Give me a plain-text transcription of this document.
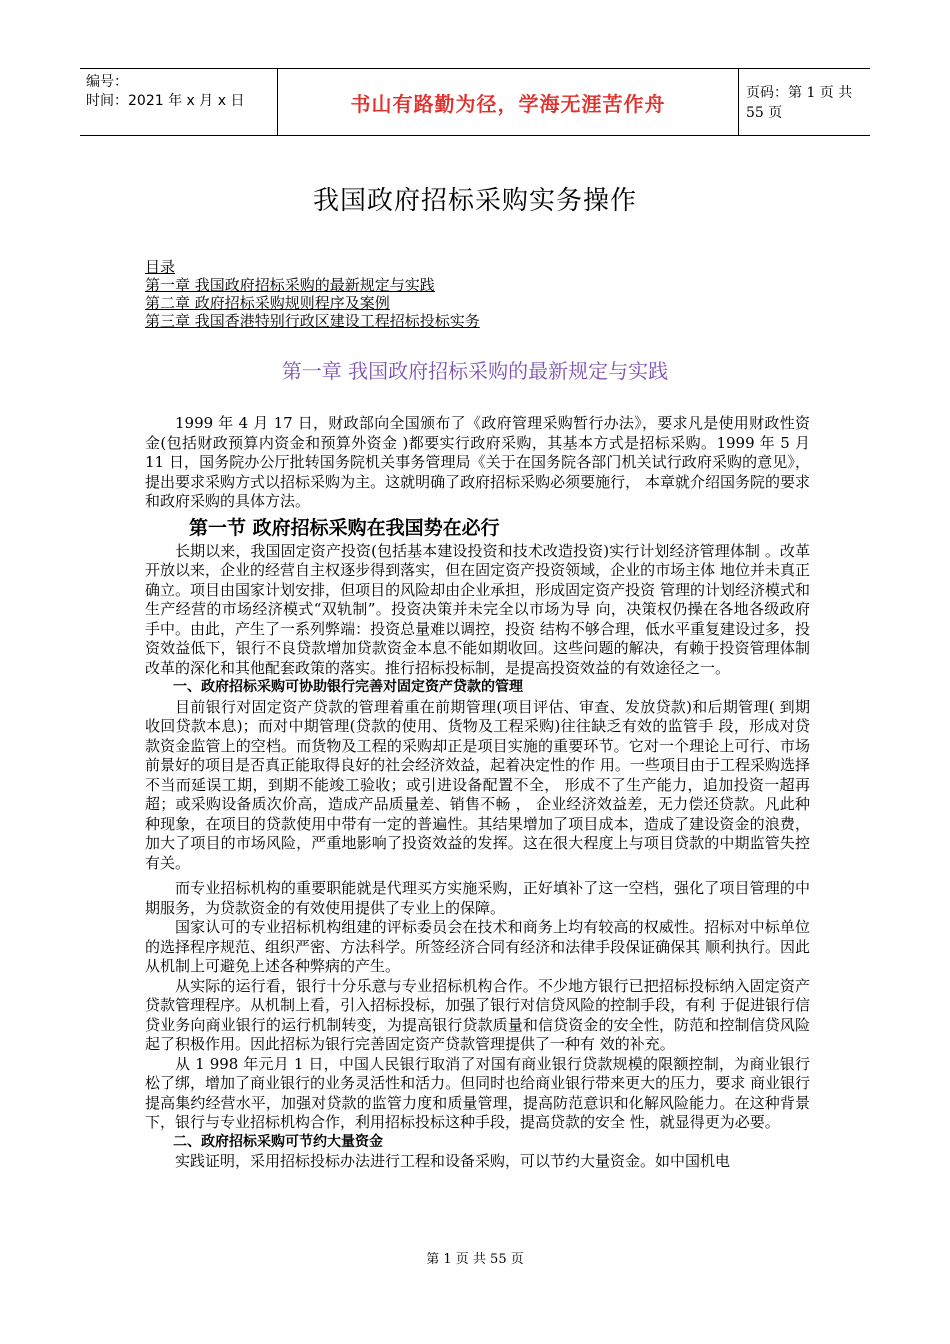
编号：
时间：2021 年 x 月 x 日	书山有路勤为径，学海无涯苦作舟	页码：第 1 页 共 55 页
我国政府招标采购实务操作
目录
第一章 我国政府招标采购的最新规定与实践
第二章 政府招标采购规则程序及案例
第三章 我国香港特别行政区建设工程招标投标实务
第一章 我国政府招标采购的最新规定与实践

1999 年 4 月 17 日，财政部向全国颁布了《政府管理采购暂行办法》，要求凡是使用财政性资金(包括财政预算内资金和预算外资金 )都要实行政府采购，其基本方式是招标采购。1999 年 5 月 11 日，国务院办公厅批转国务院机关事务管理局《关于在国务院各部门机关试行政府采购的意见》，提出要求采购方式以招标采购为主。这就明确了政府招标采购必须要施行， 本章就介绍国务院的要求和政府采购的具体方法。

第一节 政府招标采购在我国势在必行

长期以来，我国固定资产投资(包括基本建设投资和技术改造投资)实行计划经济管理体制 。改革开放以来，企业的经营自主权逐步得到落实，但在固定资产投资领域，企业的市场主体 地位并未真正确立。项目由国家计划安排，但项目的风险却由企业承担，形成固定资产投资 管理的计划经济模式和生产经营的市场经济模式“双轨制”。投资决策并未完全以市场为导 向，决策权仍操在各地各级政府手中。由此，产生了一系列弊端：投资总量难以调控，投资 结构不够合理，低水平重复建设过多，投资效益低下，银行不良贷款增加贷款资金本息不能如期收回。这些问题的解决，有赖于投资管理体制改革的深化和其他配套政策的落实。推行招标投标制，是提高投资效益的有效途径之一。

一、政府招标采购可协助银行完善对固定资产贷款的管理

目前银行对固定资产贷款的管理着重在前期管理(项目评估、审查、发放贷款)和后期管理( 到期收回贷款本息)；而对中期管理(贷款的使用、货物及工程采购)往往缺乏有效的监管手 段，形成对贷款资金监管上的空档。而货物及工程的采购却正是项目实施的重要环节。它对一个理论上可行、市场前景好的项目是否真正能取得良好的社会经济效益，起着决定性的作 用。一些项目由于工程采购选择不当而延误工期，到期不能竣工验收；或引进设备配置不全， 形成不了生产能力，追加投资一超再超；或采购设备质次价高，造成产品质量差、销售不畅 ， 企业经济效益差，无力偿还贷款。凡此种种现象，在项目的贷款使用中带有一定的普遍性。其结果增加了项目成本，造成了建设资金的浪费，加大了项目的市场风险，严重地影响了投资效益的发挥。这在很大程度上与项目贷款的中期监管失控有关。

而专业招标机构的重要职能就是代理买方实施采购，正好填补了这一空档，强化了项目管理的中期服务，为贷款资金的有效使用提供了专业上的保障。

国家认可的专业招标机构组建的评标委员会在技术和商务上均有较高的权威性。招标对中标单位的选择程序规范、组织严密、方法科学。所签经济合同有经济和法律手段保证确保其 顺利执行。因此从机制上可避免上述各种弊病的产生。

从实际的运行看，银行十分乐意与专业招标机构合作。不少地方银行已把招标投标纳入固定资产贷款管理程序。从机制上看，引入招标投标，加强了银行对信贷风险的控制手段，有利 于促进银行信贷业务向商业银行的运行机制转变，为提高银行贷款质量和信贷资金的安全性，防范和控制信贷风险起了积极作用。因此招标为银行完善固定资产贷款管理提供了一种有 效的补充。

从 1 998 年元月 1 日，中国人民银行取消了对国有商业银行贷款规模的限额控制，为商业银行 松了绑，增加了商业银行的业务灵活性和活力。但同时也给商业银行带来更大的压力，要求 商业银行提高集约经营水平，加强对贷款的监管力度和质量管理，提高防范意识和化解风险能力。在这种背景下，银行与专业招标机构合作，利用招标投标这种手段，提高贷款的安全 性，就显得更为必要。

二、政府招标采购可节约大量资金

实践证明，采用招标投标办法进行工程和设备采购，可以节约大量资金。如中国机电

第 1 页 共 55 页
